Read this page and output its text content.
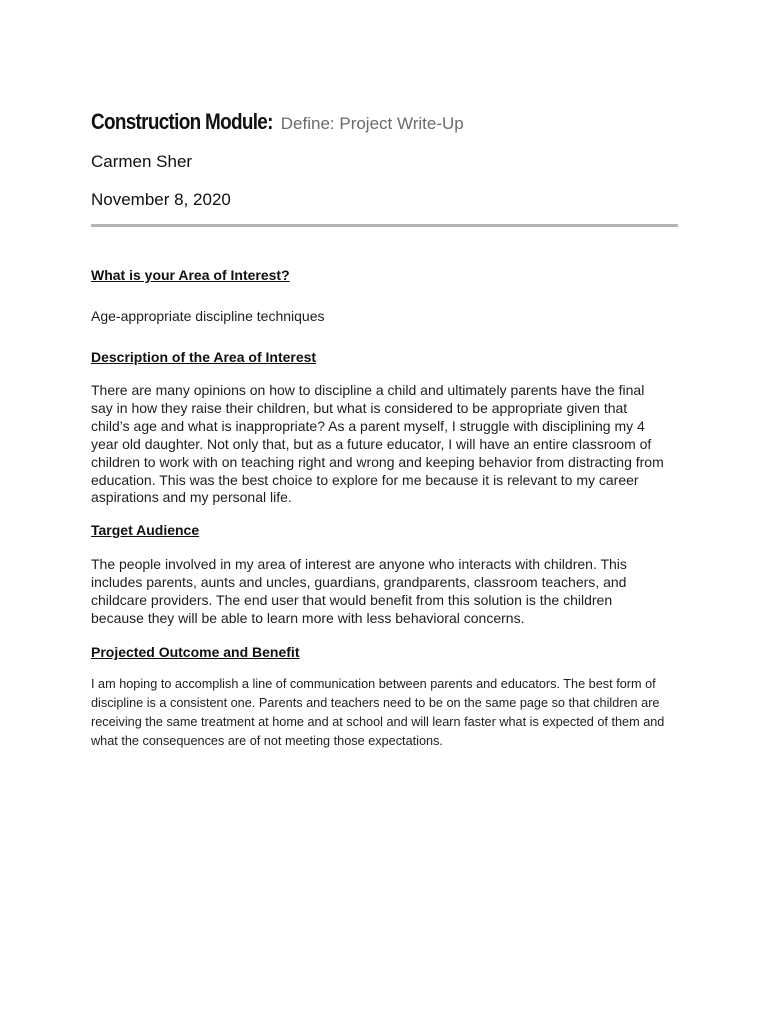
Construction Module: Define: Project Write-Up
Carmen Sher
November 8, 2020
What is your Area of Interest?
Age-appropriate discipline techniques
Description of the Area of Interest
There are many opinions on how to discipline a child and ultimately parents have the final say in how they raise their children, but what is considered to be appropriate given that child’s age and what is inappropriate? As a parent myself, I struggle with disciplining my 4 year old daughter. Not only that, but as a future educator, I will have an entire classroom of children to work with on teaching right and wrong and keeping behavior from distracting from education. This was the best choice to explore for me because it is relevant to my career aspirations and my personal life.
Target Audience
The people involved in my area of interest are anyone who interacts with children. This includes parents, aunts and uncles, guardians, grandparents, classroom teachers, and childcare providers. The end user that would benefit from this solution is the children because they will be able to learn more with less behavioral concerns.
Projected Outcome and Benefit
I am hoping to accomplish a line of communication between parents and educators. The best form of discipline is a consistent one. Parents and teachers need to be on the same page so that children are receiving the same treatment at home and at school and will learn faster what is expected of them and what the consequences are of not meeting those expectations.
